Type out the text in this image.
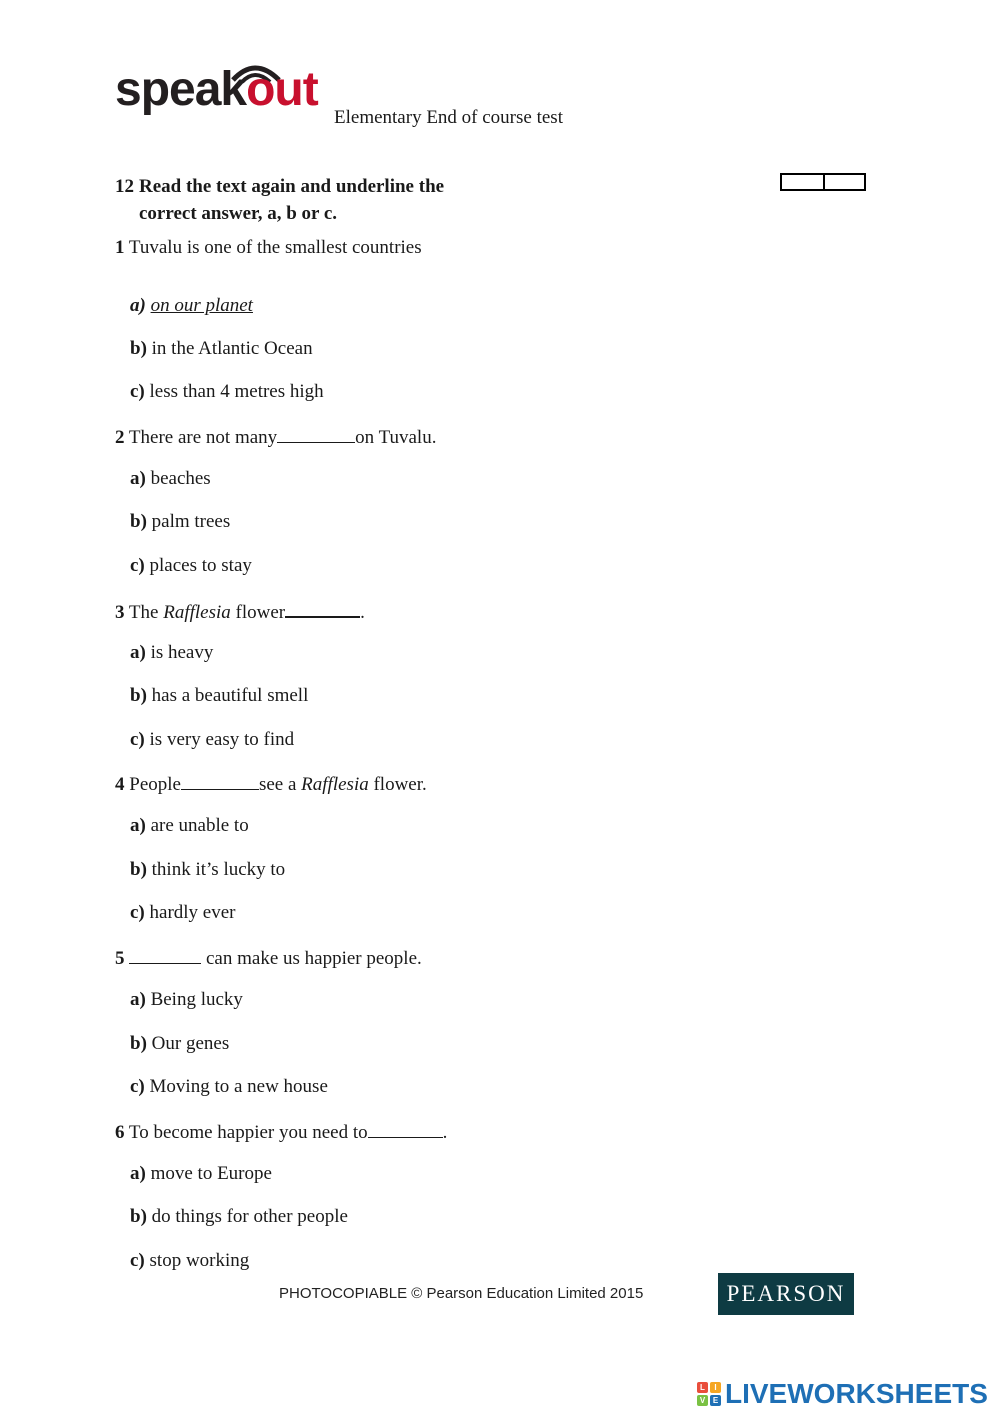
speakout
Elementary End of course test
12 Read the text again and underline the
correct answer, a, b or c.
1 Tuvalu is one of the smallest countries
a) on our planet
b) in the Atlantic Ocean
c) less than 4 metres high
2 There are not many	on Tuvalu.
a) beaches
b) palm trees
c) places to stay
3 The Rafflesia flower	.
a) is heavy
b) has a beautiful smell
c) is very easy to find
4 People	see a Rafflesia flower.
a) are unable to
b) think it’s lucky to
c) hardly ever
5	can make us happier people.
a) Being lucky
b) Our genes
c) Moving to a new house
6 To become happier you need to	.
a) move to Europe
b) do things for other people
c) stop working
PHOTOCOPIABLE © Pearson Education Limited 2015	PEARSON
L	I
V E LIVEWORKSHEETS
